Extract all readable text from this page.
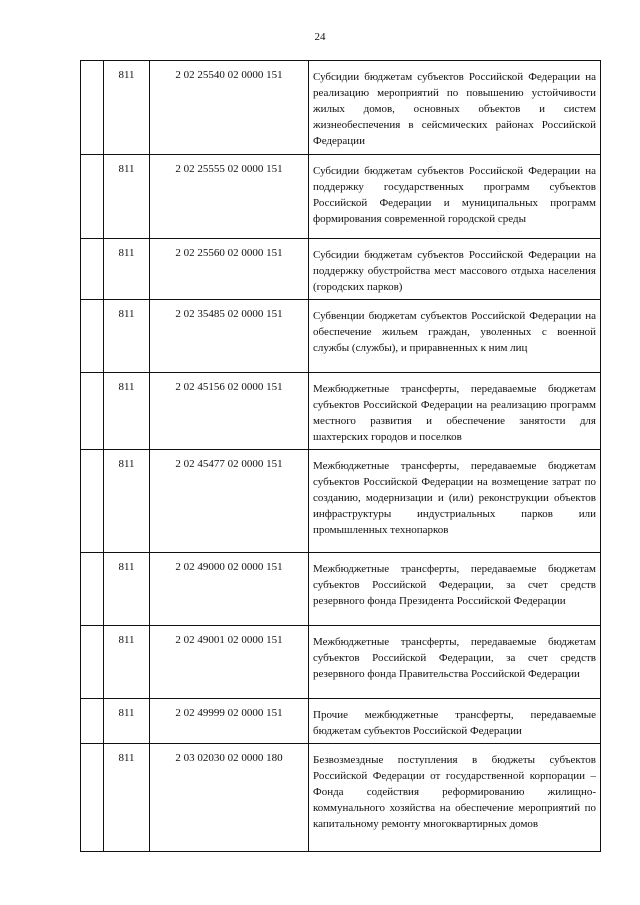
24
	811	2 02 25540 02 0000 151	Субсидии бюджетам субъектов Российской Федерации на реализацию мероприятий по повышению устойчивости жилых домов, основных объектов и систем жизнеобеспечения в сейсмических районах Российской Федерации
	811	2 02 25555 02 0000 151	Субсидии бюджетам субъектов Российской Федерации на поддержку государственных программ субъектов Российской Федерации и муниципальных программ формирования современной городской среды
	811	2 02 25560 02 0000 151	Субсидии бюджетам субъектов Российской Федерации на поддержку обустройства мест массового отдыха населения (городских парков)
	811	2 02 35485 02 0000 151	Субвенции бюджетам субъектов Российской Федерации на обеспечение жильем граждан, уволенных с военной службы (службы), и приравненных к ним лиц
	811	2 02 45156 02 0000 151	Межбюджетные трансферты, передаваемые бюджетам субъектов Российской Федерации на реализацию программ местного развития и обеспечение занятости для шахтерских городов и поселков
	811	2 02 45477 02 0000 151	Межбюджетные трансферты, передаваемые бюджетам субъектов Российской Федерации на возмещение затрат по созданию, модернизации и (или) реконструкции объектов инфраструктуры индустриальных парков или промышленных технопарков
	811	2 02 49000 02 0000 151	Межбюджетные трансферты, передаваемые бюджетам субъектов Российской Федерации, за счет средств резервного фонда Президента Российской Федерации
	811	2 02 49001 02 0000 151	Межбюджетные трансферты, передаваемые бюджетам субъектов Российской Федерации, за счет средств резервного фонда Правительства Российской Федерации
	811	2 02 49999 02 0000 151	Прочие межбюджетные трансферты, передаваемые бюджетам субъектов Российской Федерации
	811	2 03 02030 02 0000 180	Безвозмездные поступления в бюджеты субъектов Российской Федерации от государственной корпорации – Фонда содействия реформированию жилищно-коммунального хозяйства на обеспечение мероприятий по капитальному ремонту многоквартирных домов
